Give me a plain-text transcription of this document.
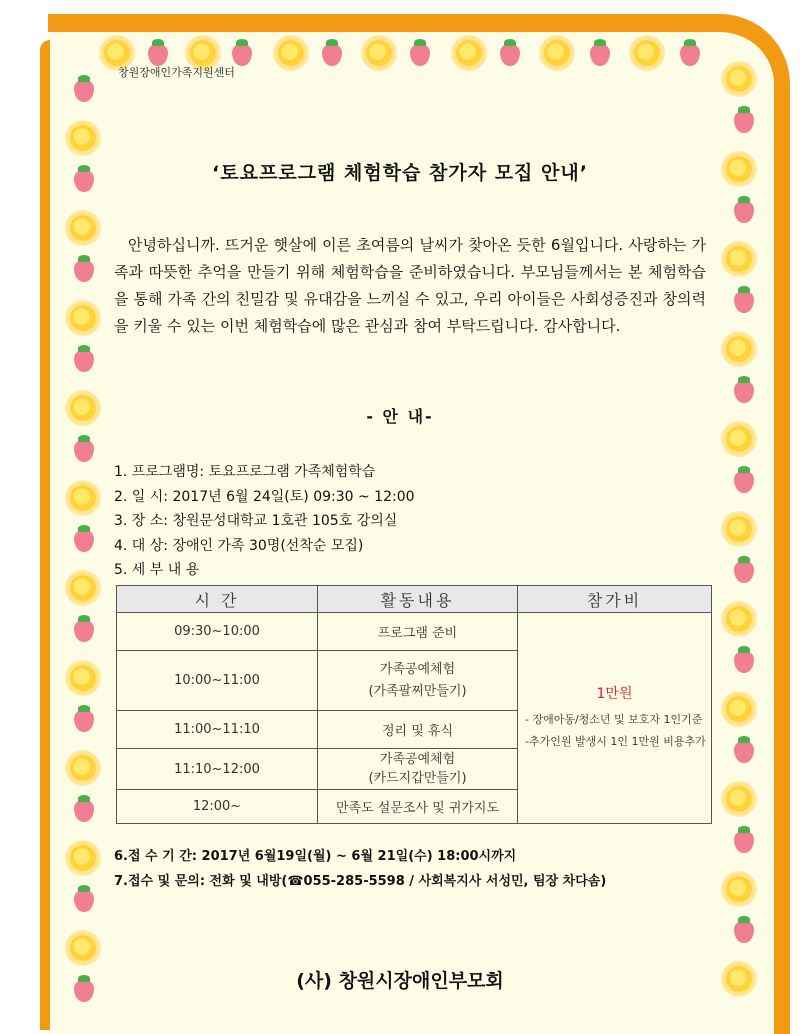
창원장애인가족지원센터
‘토요프로그램 체험학습 참가자 모집 안내’
안녕하십니까. 뜨거운 햇살에 이른 초여름의 날씨가 찾아온 듯한 6월입니다. 사랑하는 가족과 따뜻한 추억을 만들기 위해 체험학습을 준비하였습니다. 부모님들께서는 본 체험학습을 통해 가족 간의 친밀감 및 유대감을 느끼실 수 있고, 우리 아이들은 사회성증진과 창의력을 키울 수 있는 이번 체험학습에 많은 관심과 참여 부탁드립니다. 감사합니다.
- 안 내-
1. 프로그램명: 토요프로그램 가족체험학습
2. 일 시: 2017년 6월 24일(토) 09:30 ~ 12:00
3. 장 소: 창원문성대학교 1호관 105호 강의실
4. 대 상: 장애인 가족 30명(선착순 모집)
5. 세 부 내 용
시 간	활동내용	참가비
09:30~10:00	프로그램 준비	1만원
- 장애아동/청소년 및 보호자 1인기준
-추가인원 발생시 1인 1만원 비용추가

10:00~11:00	가족공예체험
(가족팔찌만들기)	

11:00~11:10	정리 및 휴식	
11:10~12:00	가족공예체험
(카드지갑만들기)	

12:00~	만족도 설문조사 및 귀가지도	
6.접 수 기 간: 2017년 6월19일(월) ~ 6월 21일(수) 18:00시까지
7.접수 및 문의: 전화 및 내방(☎055-285-5598 / 사회복지사 서성민, 팀장 차다솜)
(사) 창원시장애인부모회
